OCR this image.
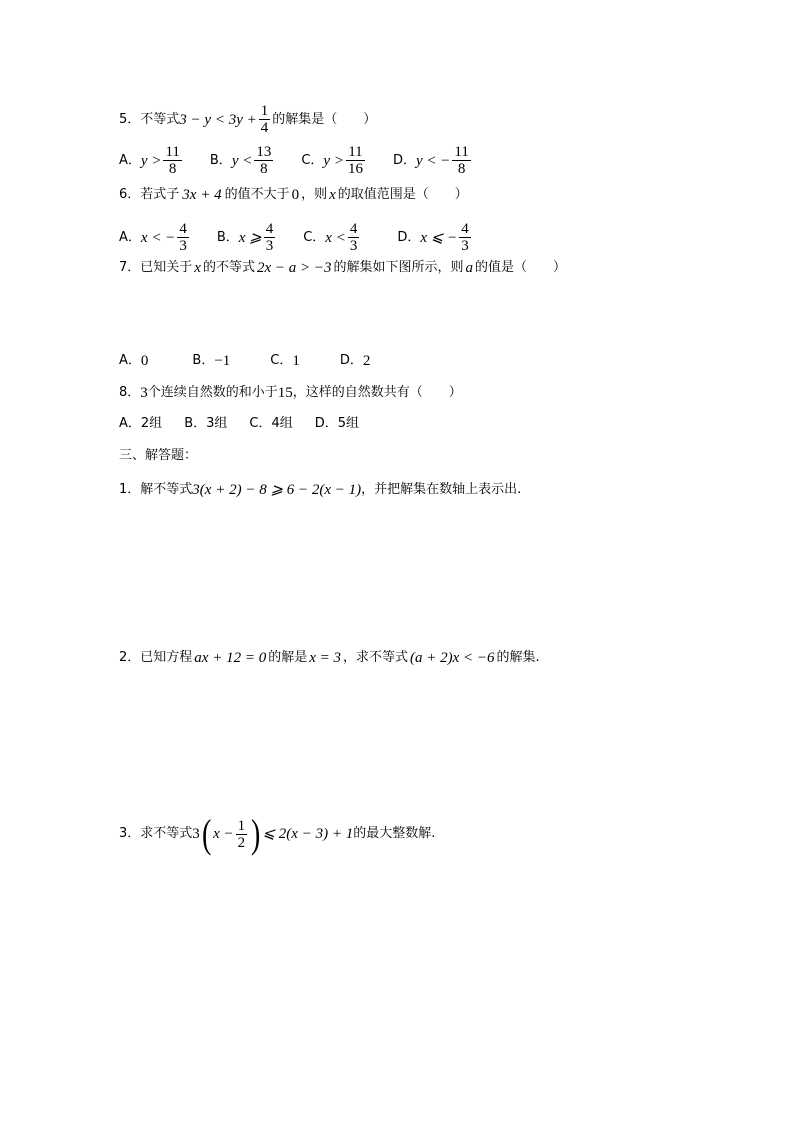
5． 不等式 $3 - y < 3y + \frac{1}{4}$ 的解集是（　　）
A． $y > \frac{11}{8}$ B． $y < \frac{13}{8}$ C． $y > \frac{11}{16}$ D． y < − $\frac{11}{8}$
6． 若式子 3x + 4 的值不大于 0 ，则 x 的取值范围是（　　）
A． x < − $\frac{4}{3}$ B． x ⩾ $\frac{4}{3}$ C． $x < \frac{4}{3}$	D． x ⩽ − $\frac{4}{3}$
7． 已知关于 x 的不等式 2x − a > −3 的解集如下图所示，则 a 的值是（　　）
A． 0	B． −1	C． 1	D． 2
8． 3 个连续自然数的和小于 15 ，这样的自然数共有（　　）
A． 2组 B． 3组 C． 4组 D． 5组
三、解答题：
1． 解不等式 3(x + 2) − 8 ⩾ 6 − 2(x − 1) ，并把解集在数轴上表示出.
2． 已知方程 ax + 12 = 0 的解是 x = 3 ，求不等式 (a + 2)x < −6 的解集.
3． 求不等式 3 ( $x - \frac{1}{2}$ ) ⩽ 2(x − 3) + 1 的最大整数解.
